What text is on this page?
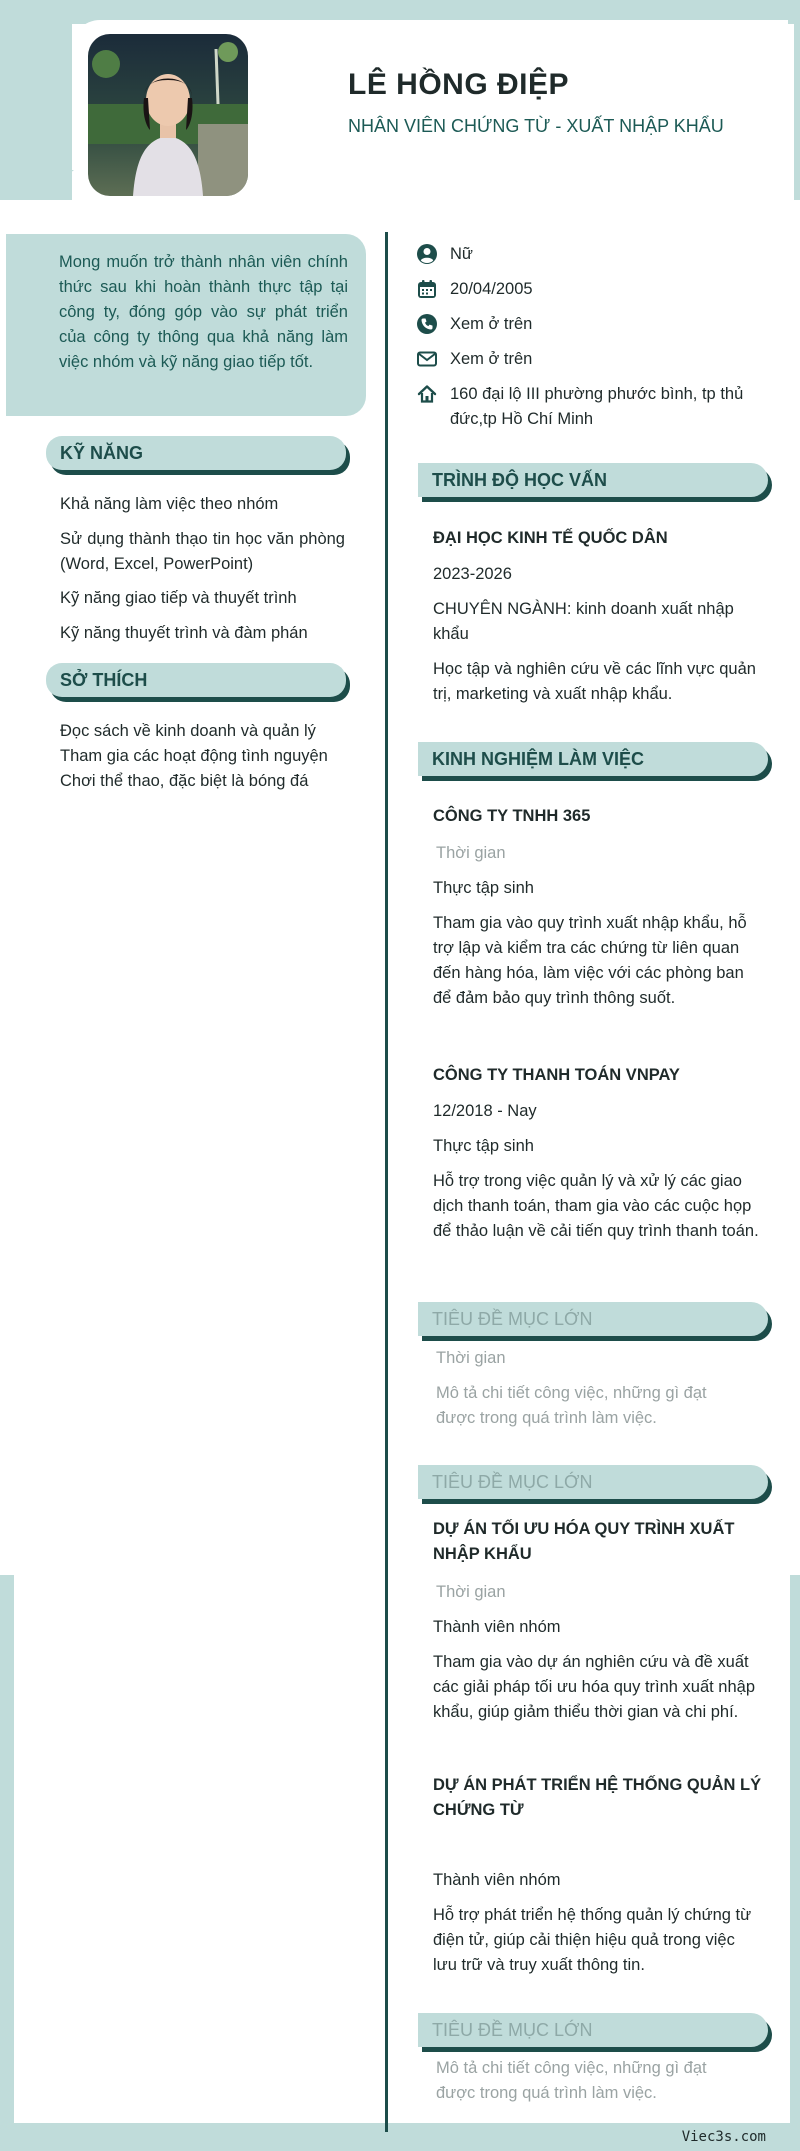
LÊ HỒNG ĐIỆP
NHÂN VIÊN CHỨNG TỪ - XUẤT NHẬP KHẨU
Mong muốn trở thành nhân viên chính thức sau khi hoàn thành thực tập tại công ty, đóng góp vào sự phát triển của công ty thông qua khả năng làm việc nhóm và kỹ năng giao tiếp tốt.
KỸ NĂNG
Khả năng làm việc theo nhóm
Sử dụng thành thạo tin học văn phòng (Word, Excel, PowerPoint)
Kỹ năng giao tiếp và thuyết trình
Kỹ năng thuyết trình và đàm phán
SỞ THÍCH
Đọc sách về kinh doanh và quản lý
Tham gia các hoạt động tình nguyện
Chơi thể thao, đặc biệt là bóng đá
Nữ
20/04/2005
Xem ở trên
Xem ở trên
160 đại lộ III phường phước bình, tp thủ đức,tp Hồ Chí Minh
TRÌNH ĐỘ HỌC VẤN
ĐẠI HỌC KINH TẾ QUỐC DÂN
2023-2026
CHUYÊN NGÀNH: kinh doanh xuất nhập khẩu
Học tập và nghiên cứu về các lĩnh vực quản trị, marketing và xuất nhập khẩu.
KINH NGHIỆM LÀM VIỆC
CÔNG TY TNHH 365
Thời gian
Thực tập sinh
Tham gia vào quy trình xuất nhập khẩu, hỗ trợ lập và kiểm tra các chứng từ liên quan đến hàng hóa, làm việc với các phòng ban để đảm bảo quy trình thông suốt.
CÔNG TY THANH TOÁN VNPAY
12/2018 - Nay
Thực tập sinh
Hỗ trợ trong việc quản lý và xử lý các giao dịch thanh toán, tham gia vào các cuộc họp để thảo luận về cải tiến quy trình thanh toán.
TIÊU ĐỀ MỤC LỚN
Thời gian
Mô tả chi tiết công việc, những gì đạt được trong quá trình làm việc.
TIÊU ĐỀ MỤC LỚN
DỰ ÁN TỐI ƯU HÓA QUY TRÌNH XUẤT NHẬP KHẨU
Thời gian
Thành viên nhóm
Tham gia vào dự án nghiên cứu và đề xuất các giải pháp tối ưu hóa quy trình xuất nhập khẩu, giúp giảm thiểu thời gian và chi phí.
DỰ ÁN PHÁT TRIỂN HỆ THỐNG QUẢN LÝ CHỨNG TỪ
Thành viên nhóm
Hỗ trợ phát triển hệ thống quản lý chứng từ điện tử, giúp cải thiện hiệu quả trong việc lưu trữ và truy xuất thông tin.
TIÊU ĐỀ MỤC LỚN
Mô tả chi tiết công việc, những gì đạt được trong quá trình làm việc.
Viec3s.com
